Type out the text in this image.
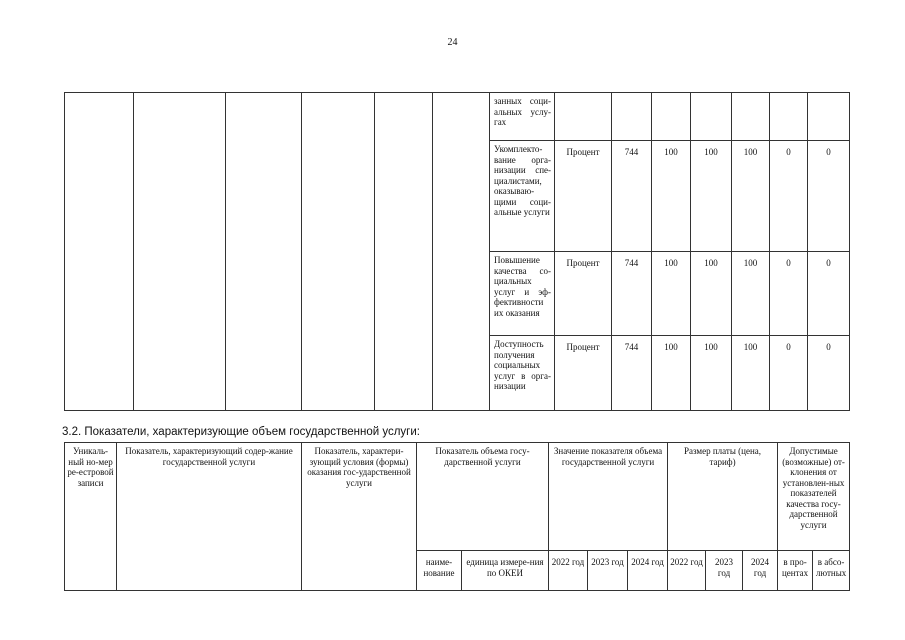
24
						занных соци-альных услу-гах							
						Укомплекто-вание орга-низации спе-циалистами, оказываю-щими соци-альные услуги	Процент	744	100	100	100	0	0
						Повышение качества со-циальных услуг и эф-фективности их оказания	Процент	744	100	100	100	0	0
						Доступность получения социальных услуг в орга-низации	Процент	744	100	100	100	0	0
3.2. Показатели, характеризующие объем государственной услуги:
Уникаль-ный но-мер ре-естровой записи	Показатель, характеризующий содер-жание государственной услуги	Показатель, характери-зующий условия (формы) оказания гос-ударственной услуги	Показатель объема госу-дарственной услуги		Значение показателя объема государственной услуги			Размер платы (цена, тариф)			Допустимые (возможные) от-клонения от установлен-ных показателей качества госу-дарственной услуги	
			наиме-нование	единица измере-ния по ОКЕИ	2022 год	2023 год	2024 год	2022 год	2023 год	2024 год	в про-центах	в абсо-лютных
